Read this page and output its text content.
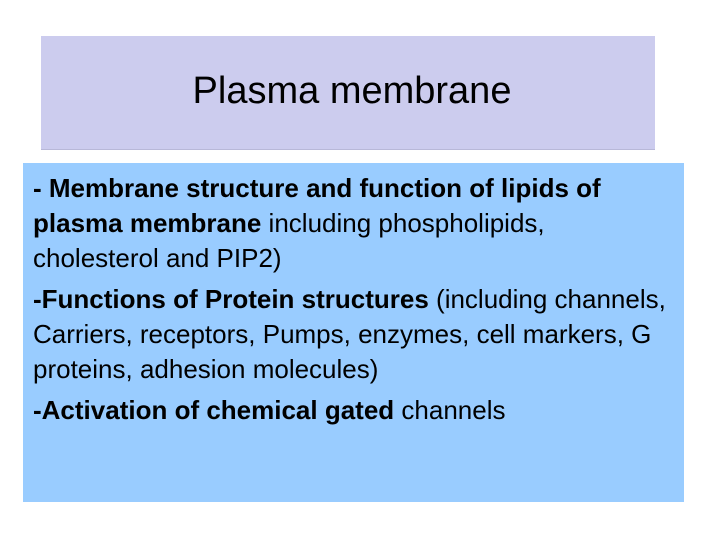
Plasma membrane

- Membrane structure and function of lipids of plasma membrane including phospholipids, cholesterol and PIP2)

-Functions of Protein structures (including channels, Carriers, receptors, Pumps, enzymes, cell markers, G proteins, adhesion molecules)

-Activation of chemical gated channels
